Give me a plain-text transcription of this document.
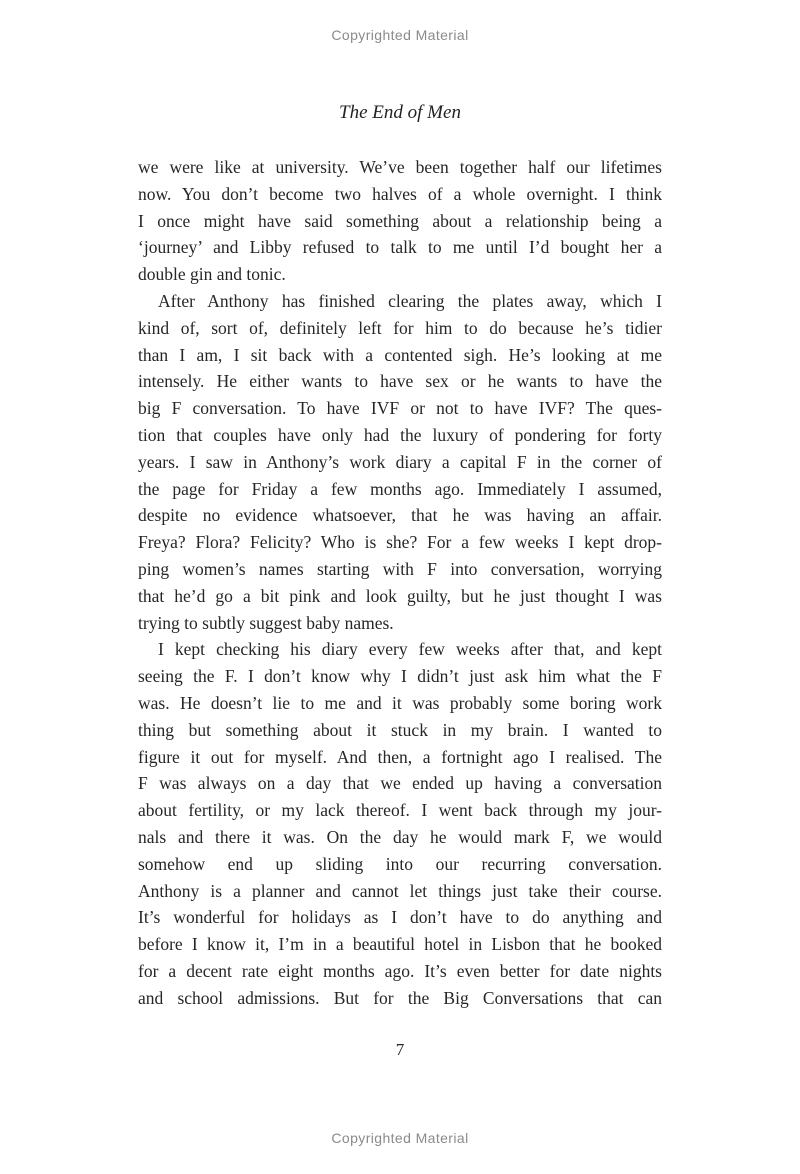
Copyrighted Material
The End of Men
we were like at university. We’ve been together half our lifetimes
now. You don’t become two halves of a whole overnight. I think
I once might have said something about a relationship being a
‘journey’ and Libby refused to talk to me until I’d bought her a
double gin and tonic.
After Anthony has finished clearing the plates away, which I
kind of, sort of, definitely left for him to do because he’s tidier
than I am, I sit back with a contented sigh. He’s looking at me
intensely. He either wants to have sex or he wants to have the
big F conversation. To have IVF or not to have IVF? The ques-
tion that couples have only had the luxury of pondering for forty
years. I saw in Anthony’s work diary a capital F in the corner of
the page for Friday a few months ago. Immediately I assumed,
despite no evidence whatsoever, that he was having an affair.
Freya? Flora? Felicity? Who is she? For a few weeks I kept drop-
ping women’s names starting with F into conversation, worrying
that he’d go a bit pink and look guilty, but he just thought I was
trying to subtly suggest baby names.
I kept checking his diary every few weeks after that, and kept
seeing the F. I don’t know why I didn’t just ask him what the F
was. He doesn’t lie to me and it was probably some boring work
thing but something about it stuck in my brain. I wanted to
figure it out for myself. And then, a fortnight ago I realised. The
F was always on a day that we ended up having a conversation
about fertility, or my lack thereof. I went back through my jour-
nals and there it was. On the day he would mark F, we would
somehow end up sliding into our recurring conversation.
Anthony is a planner and cannot let things just take their course.
It’s wonderful for holidays as I don’t have to do anything and
before I know it, I’m in a beautiful hotel in Lisbon that he booked
for a decent rate eight months ago. It’s even better for date nights
and school admissions. But for the Big Conversations that can
7
Copyrighted Material
